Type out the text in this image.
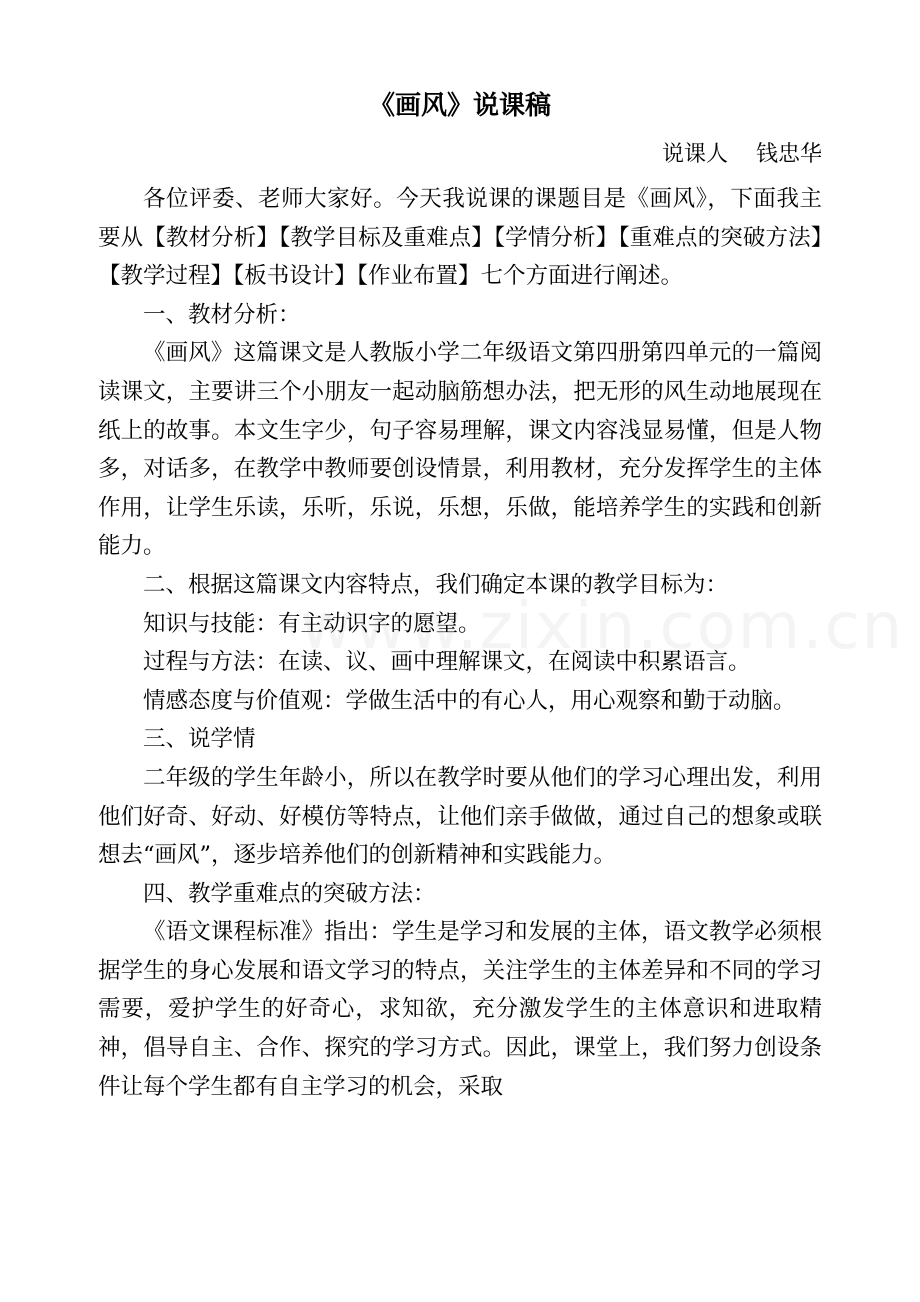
《画风》说课稿
说课人    钱忠华

各位评委、老师大家好。今天我说课的课题目是《画风》，下面我主要从【教材分析】【教学目标及重难点】【学情分析】【重难点的突破方法】【教学过程】【板书设计】【作业布置】七个方面进行阐述。

一、教材分析：

《画风》这篇课文是人教版小学二年级语文第四册第四单元的一篇阅读课文，主要讲三个小朋友一起动脑筋想办法，把无形的风生动地展现在纸上的故事。本文生字少，句子容易理解，课文内容浅显易懂，但是人物多，对话多，在教学中教师要创设情景，利用教材，充分发挥学生的主体作用，让学生乐读，乐听，乐说，乐想，乐做，能培养学生的实践和创新能力。

二、根据这篇课文内容特点，我们确定本课的教学目标为：

知识与技能：有主动识字的愿望。

过程与方法：在读、议、画中理解课文，在阅读中积累语言。

情感态度与价值观：学做生活中的有心人，用心观察和勤于动脑。

三、说学情

二年级的学生年龄小，所以在教学时要从他们的学习心理出发，利用他们好奇、好动、好模仿等特点，让他们亲手做做，通过自己的想象或联想去“画风”，逐步培养他们的创新精神和实践能力。

四、教学重难点的突破方法：

《语文课程标准》指出：学生是学习和发展的主体，语文教学必须根据学生的身心发展和语文学习的特点，关注学生的主体差异和不同的学习需要，爱护学生的好奇心，求知欲，充分激发学生的主体意识和进取精神，倡导自主、合作、探究的学习方式。因此，课堂上，我们努力创设条件让每个学生都有自主学习的机会，采取
